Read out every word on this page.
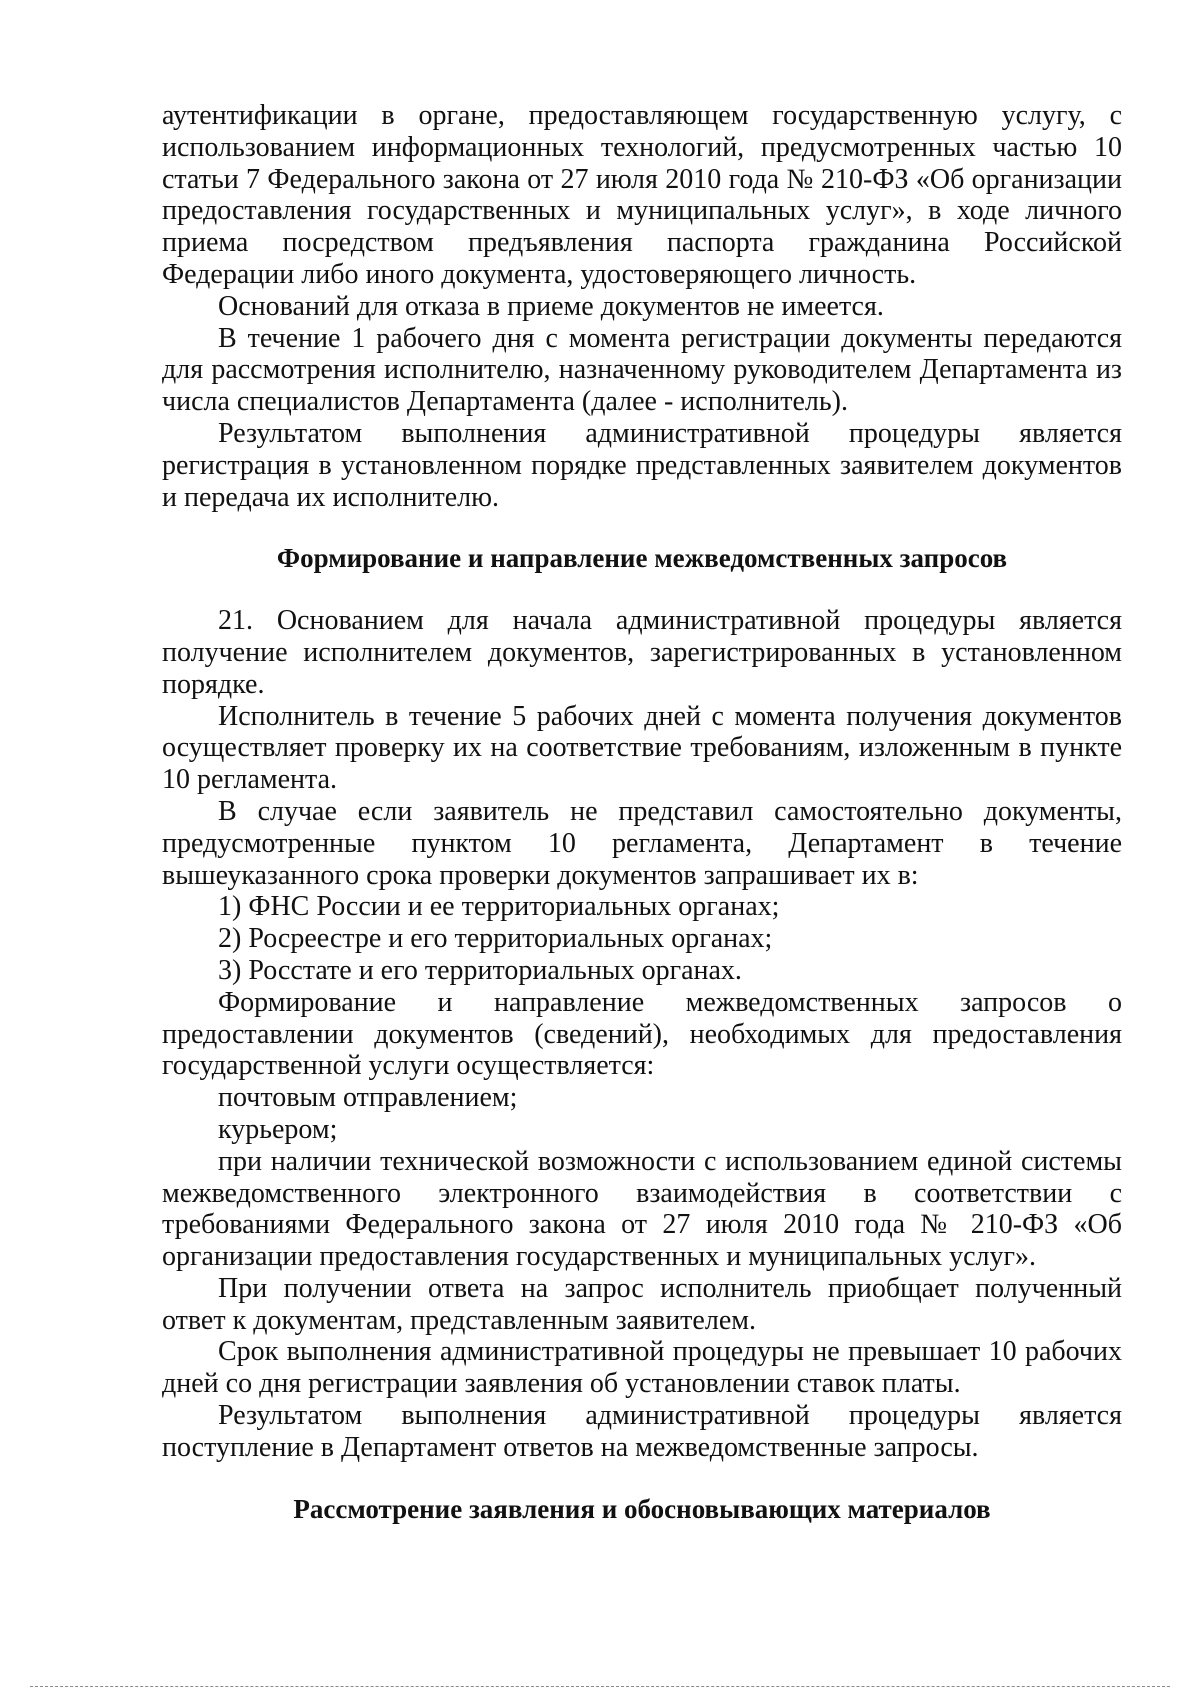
аутентификации в органе, предоставляющем государственную услугу, с использованием информационных технологий, предусмотренных частью 10 статьи 7 Федерального закона от 27 июля 2010 года № 210-ФЗ «Об организации предоставления государственных и муниципальных услуг», в ходе личного приема посредством предъявления паспорта гражданина Российской Федерации либо иного документа, удостоверяющего личность.

Оснований для отказа в приеме документов не имеется.

В течение 1 рабочего дня с момента регистрации документы передаются для рассмотрения исполнителю, назначенному руководителем Департамента из числа специалистов Департамента (далее - исполнитель).

Результатом выполнения административной процедуры является регистрация в установленном порядке представленных заявителем документов и передача их исполнителю.

Формирование и направление межведомственных запросов

21. Основанием для начала административной процедуры является получение исполнителем документов, зарегистрированных в установленном порядке.

Исполнитель в течение 5 рабочих дней с момента получения документов осуществляет проверку их на соответствие требованиям, изложенным в пункте 10 регламента.

В случае если заявитель не представил самостоятельно документы, предусмотренные пунктом 10 регламента, Департамент в течение вышеуказанного срока проверки документов запрашивает их в:

1) ФНС России и ее территориальных органах;

2) Росреестре и его территориальных органах;

3) Росстате и его территориальных органах.

Формирование и направление межведомственных запросов о предоставлении документов (сведений), необходимых для предоставления государственной услуги осуществляется:

почтовым отправлением;

курьером;

при наличии технической возможности с использованием единой системы межведомственного электронного взаимодействия в соответствии с требованиями Федерального закона от 27 июля 2010 года № 210-ФЗ «Об организации предоставления государственных и муниципальных услуг».

При получении ответа на запрос исполнитель приобщает полученный ответ к документам, представленным заявителем.

Срок выполнения административной процедуры не превышает 10 рабочих дней со дня регистрации заявления об установлении ставок платы.

Результатом выполнения административной процедуры является поступление в Департамент ответов на межведомственные запросы.

Рассмотрение заявления и обосновывающих материалов
